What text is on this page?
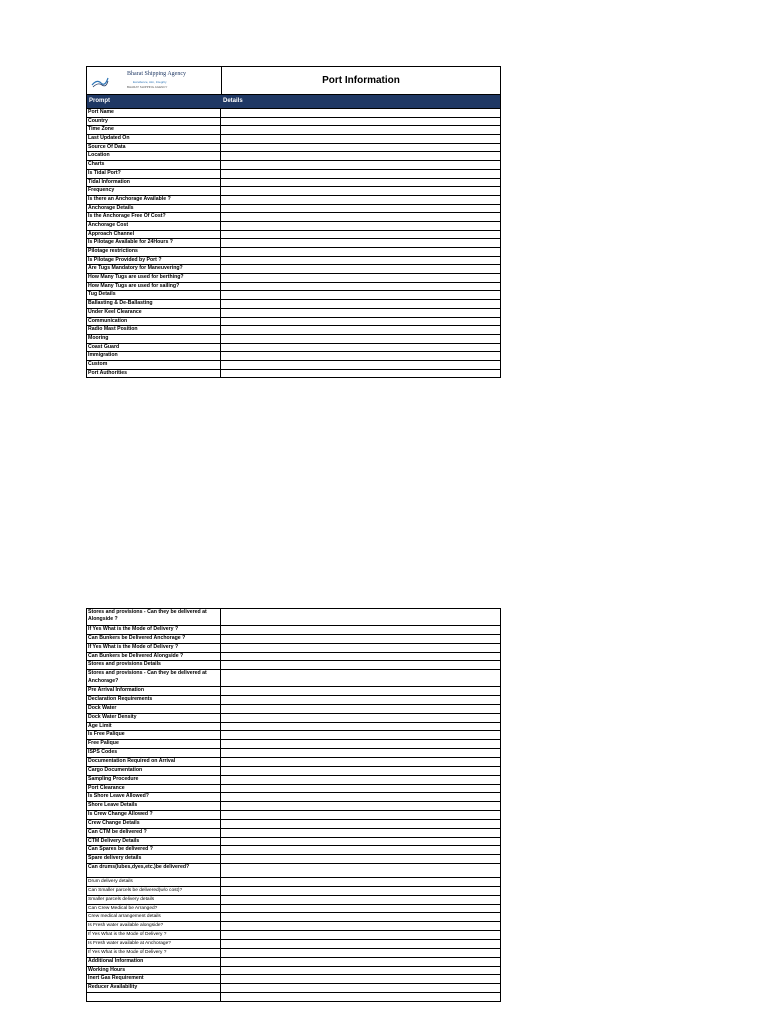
Bharat Shipping Agency
Excellence, Aim, Integrity
BHARAT SHIPPING AGENCY
Port Information
Prompt	Details
Port Name
Country
Time Zone
Last Updated On
Source Of Data
Location
Charts
Is Tidal Port?
Tidal Information
Frequency
Is there an Anchorage Available ?
Anchorage Details
Is the Anchorage Free Of Cost?
Anchorage Cost
Approach Channel
Is Pilotage Available for 24Hours ?
Pilotage restrictions
Is Pilotage Provided by Port ?
Are Tugs Mandatory for Maneuvering?
How Many Tugs are used for berthing?
How Many Tugs are used for sailing?
Tug Details
Ballasting & De-Ballasting
Under Keel Clearance
Communication
Radio Mast Position
Mooring
Coast Guard
Immigration
Custom
Port Authorities
Stores and provisions - Can they be delivered at Alongside ?
If Yes What is the Mode of Delivery ?
Can Bunkers be Delivered Anchorage ?
If Yes What is the Mode of Delivery ?
Can Bunkers be Delivered Alongside ?
Stores and provisions Details
Stores and provisions - Can they be delivered at Anchorage?
Pre Arrival Information
Declaration Requirements
Dock Water
Dock Water Density
Age Limit
Is Free Palique
Free Palique
ISPS Codes
Documentation Required on Arrival
Cargo Documentation
Sampling Procedure
Port Clearance
Is Shore Leave Allowed?
Shore Leave Details
Is Crew Change Allowed ?
Crew Change Details
Can CTM be delivered ?
CTM Delivery Details
Can Spares be delivered ?
Spare delivery details
Can drums(lubes,dyes,etc.)be delivered?
Drum delivery details
Can Smaller parcels be delivered(w/o cost)?
Smaller parcels delivery details
Can Crew Medical be Arranged?
Crew medical arrangement details
Is Fresh water available alongside?
If Yes What is the Mode of Delivery ?
Is Fresh water available at Anchorage?
If Yes What is the Mode of Delivery ?
Additional Information
Working Hours
Inert Gas Requirement
Reducer Availability
